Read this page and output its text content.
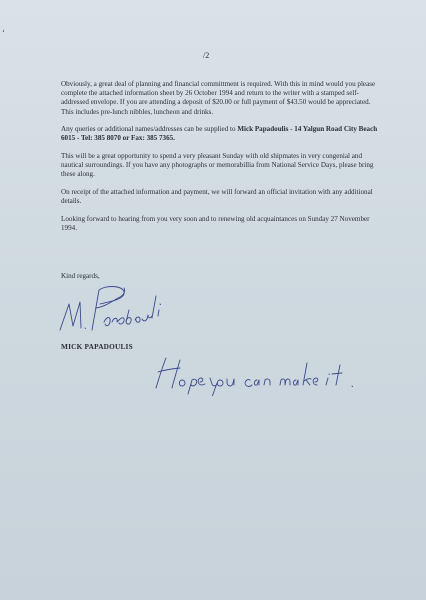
‘
/2

Obviously, a great deal of planning and financial committment is required. With this in mind would you please complete the attached information sheet by 26 October 1994 and return to the writer with a stamped self-addressed envelope. If you are attending a deposit of $20.00 or full payment of $43.50 would be appreciated. This includes pre-lunch nibbles, luncheon and drinks.

Any queries or additional names/addresses can be supplied to Mick Papadoulis - 14 Yalgun Road City Beach 6015 - Tel: 385 8070 or Fax: 385 7365.

This will be a great opportunity to spend a very pleasant Sunday with old shipmates in very congenial and nautical surroundings. If you have any photographs or memorabillia from National Service Days, please bring these along.

On receipt of the attached information and payment, we will forward an official invitation with any additional details.

Looking forward to hearing from you very soon and to renewing old acquaintances on Sunday 27 November 1994.

Kind regards,
MICK PAPADOULIS
